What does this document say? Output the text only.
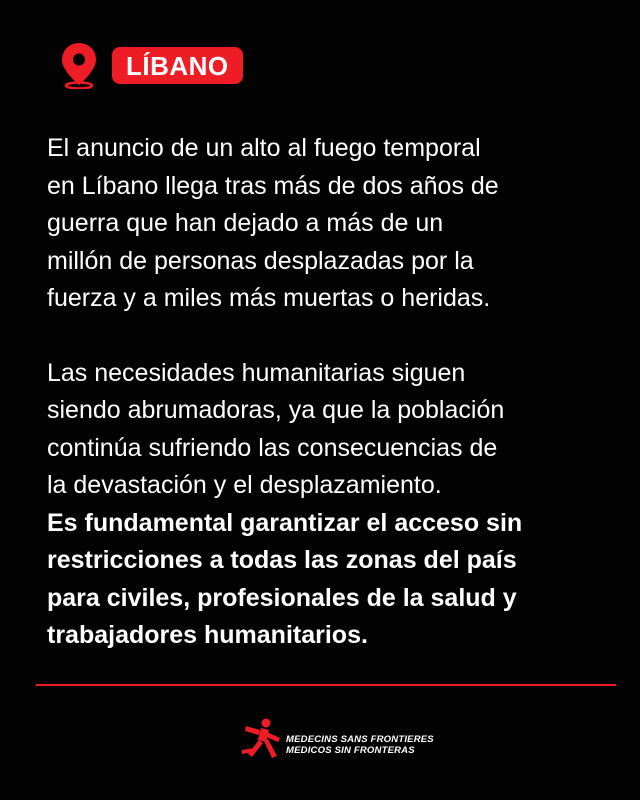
LÍBANO

El anuncio de un alto al fuego temporal
en Líbano llega tras más de dos años de
guerra que han dejado a más de un
millón de personas desplazadas por la
fuerza y a miles más muertas o heridas.

Las necesidades humanitarias siguen
siendo abrumadoras, ya que la población
continúa sufriendo las consecuencias de
la devastación y el desplazamiento.

Es fundamental garantizar el acceso sin
restricciones a todas las zonas del país
para civiles, profesionales de la salud y
trabajadores humanitarios.

MEDECINS SANS FRONTIERES
MEDICOS SIN FRONTERAS
